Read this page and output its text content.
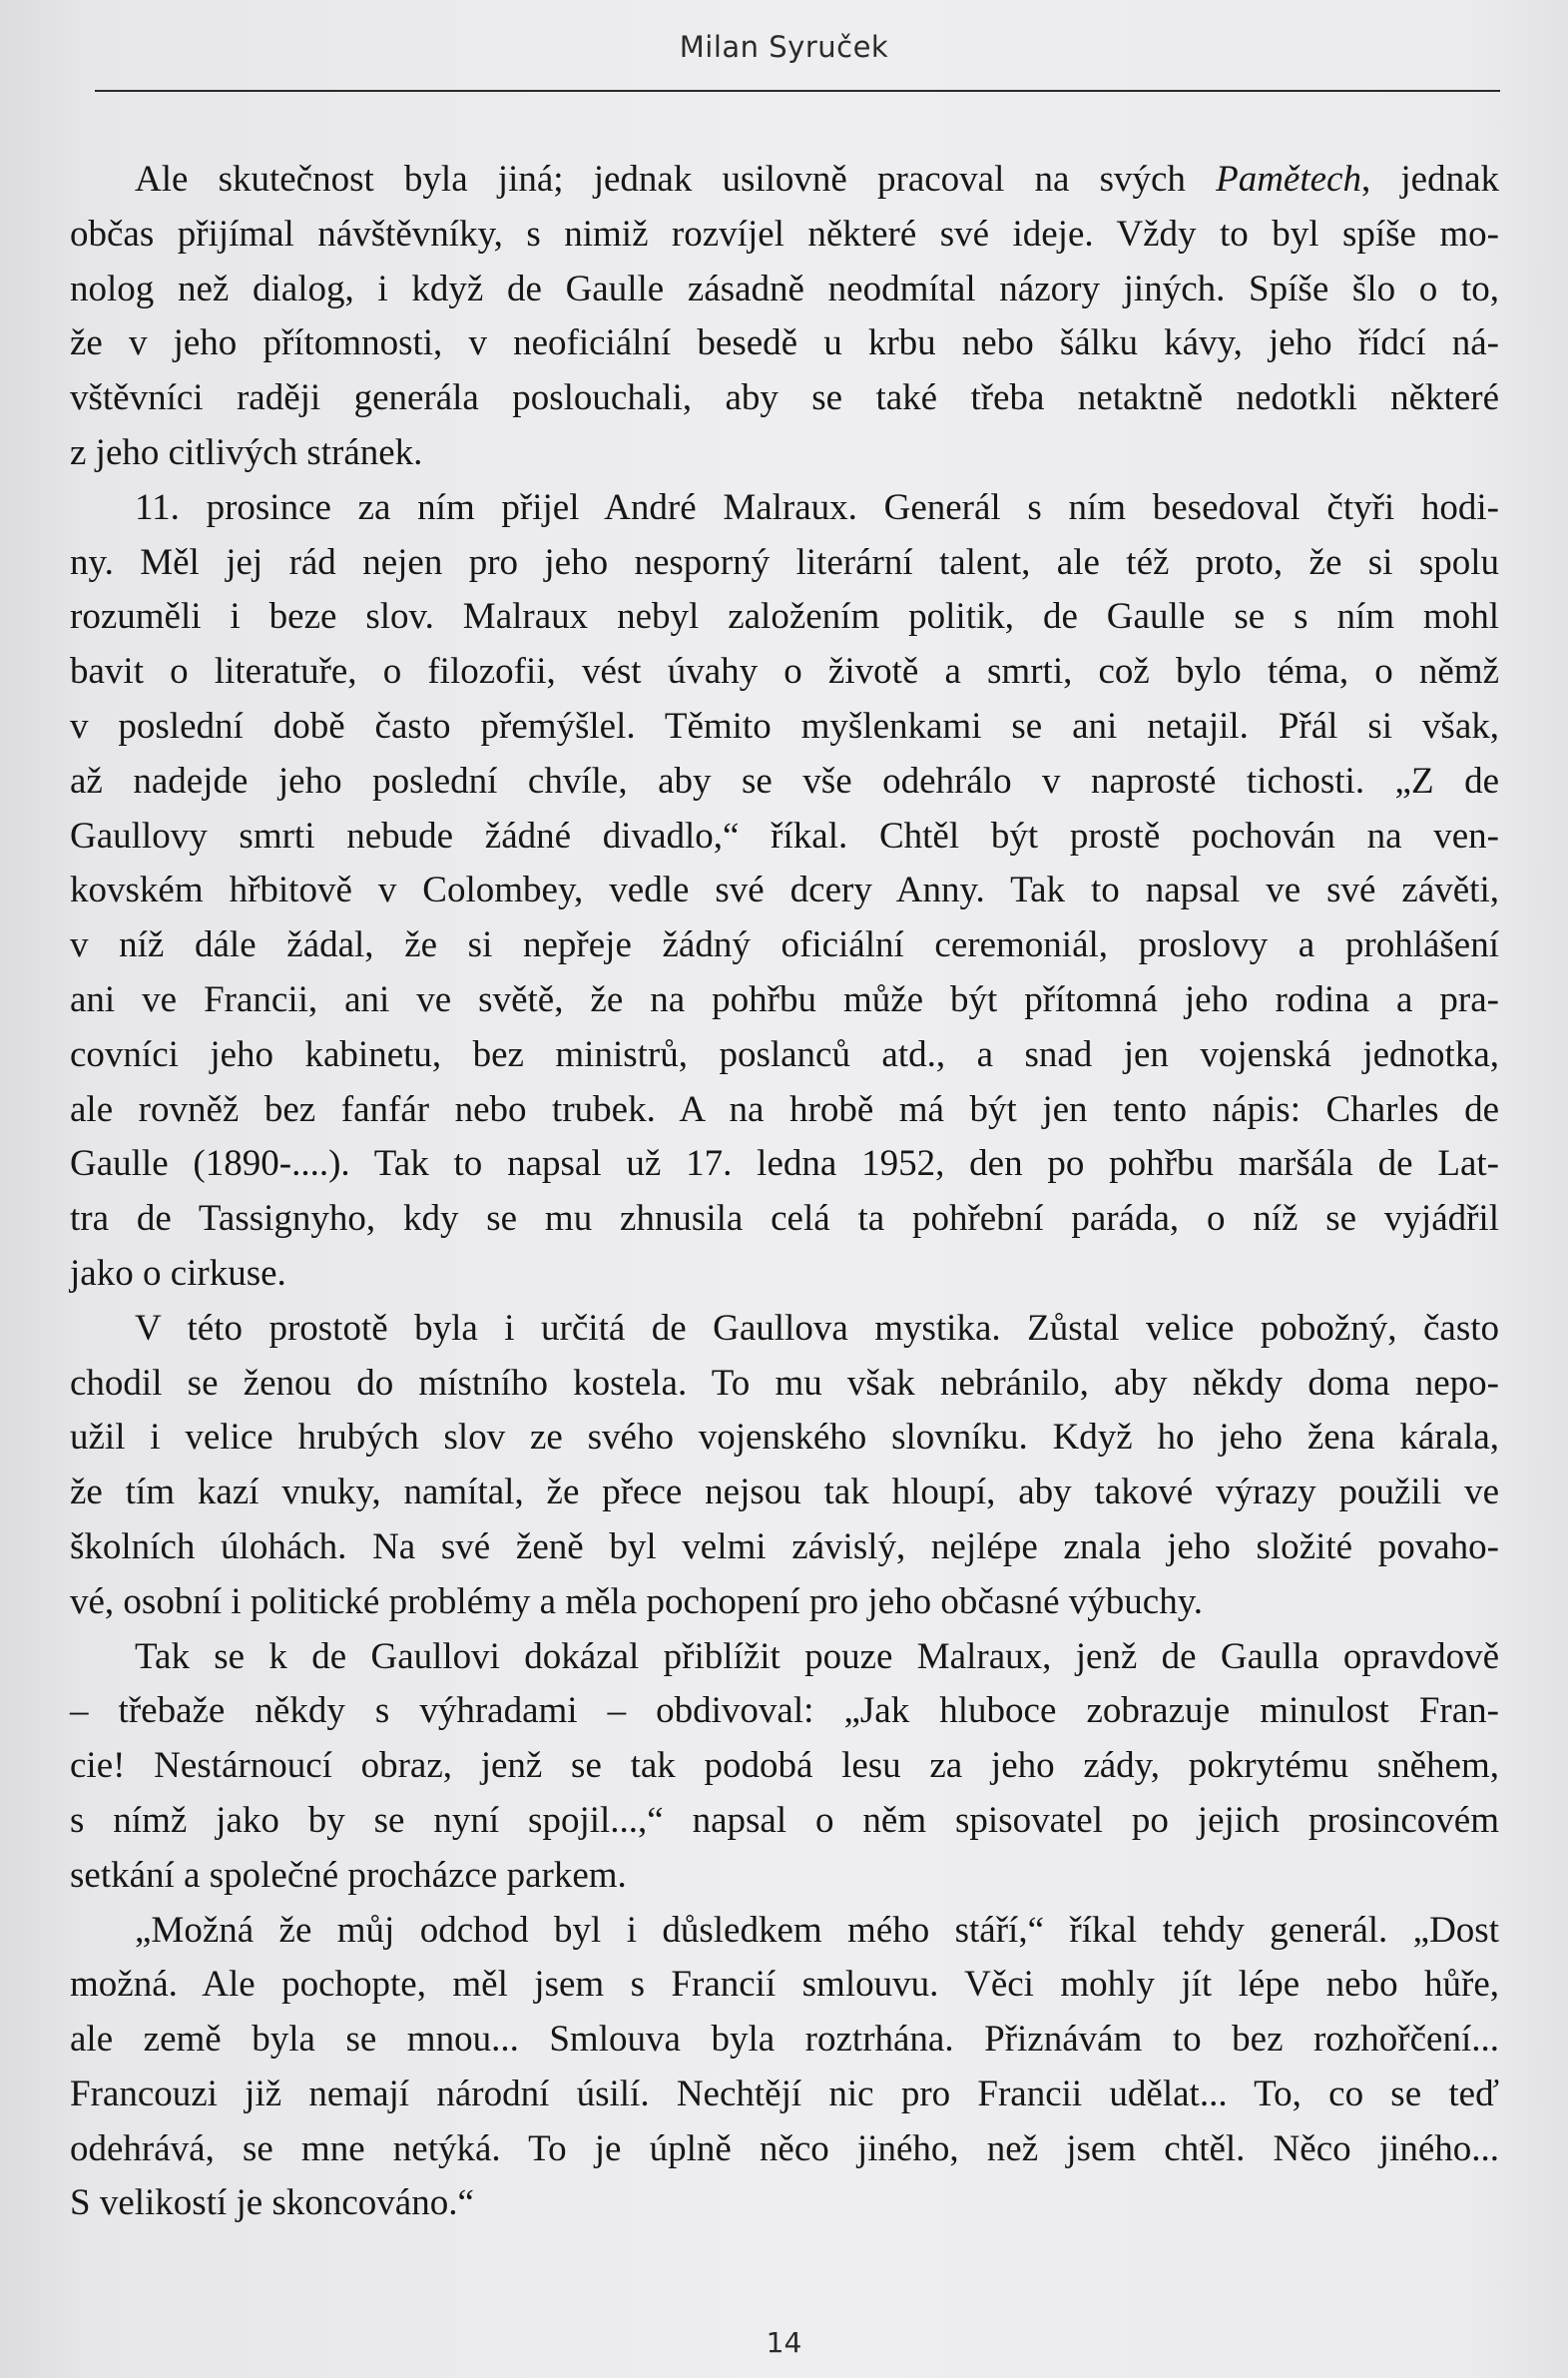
Milan Syruček
Ale skutečnost byla jiná; jednak usilovně pracoval na svých Pamětech, jednak
občas přijímal návštěvníky, s nimiž rozvíjel některé své ideje. Vždy to byl spíše mo-
nolog než dialog, i když de Gaulle zásadně neodmítal názory jiných. Spíše šlo o to,
že v jeho přítomnosti, v neoficiální besedě u krbu nebo šálku kávy, jeho řídcí ná-
vštěvníci raději generála poslouchali, aby se také třeba netaktně nedotkli některé
z jeho citlivých stránek.
11. prosince za ním přijel André Malraux. Generál s ním besedoval čtyři hodi-
ny. Měl jej rád nejen pro jeho nesporný literární talent, ale též proto, že si spolu
rozuměli i beze slov. Malraux nebyl založením politik, de Gaulle se s ním mohl
bavit o literatuře, o filozofii, vést úvahy o životě a smrti, což bylo téma, o němž
v poslední době často přemýšlel. Těmito myšlenkami se ani netajil. Přál si však,
až nadejde jeho poslední chvíle, aby se vše odehrálo v naprosté tichosti. „Z de
Gaullovy smrti nebude žádné divadlo,“ říkal. Chtěl být prostě pochován na ven-
kovském hřbitově v Colombey, vedle své dcery Anny. Tak to napsal ve své závěti,
v níž dále žádal, že si nepřeje žádný oficiální ceremoniál, proslovy a prohlášení
ani ve Francii, ani ve světě, že na pohřbu může být přítomná jeho rodina a pra-
covníci jeho kabinetu, bez ministrů, poslanců atd., a snad jen vojenská jednotka,
ale rovněž bez fanfár nebo trubek. A na hrobě má být jen tento nápis: Charles de
Gaulle (1890-....). Tak to napsal už 17. ledna 1952, den po pohřbu maršála de Lat-
tra de Tassignyho, kdy se mu zhnusila celá ta pohřební paráda, o níž se vyjádřil
jako o cirkuse.
V této prostotě byla i určitá de Gaullova mystika. Zůstal velice pobožný, často
chodil se ženou do místního kostela. To mu však nebránilo, aby někdy doma nepo-
užil i velice hrubých slov ze svého vojenského slovníku. Když ho jeho žena kárala,
že tím kazí vnuky, namítal, že přece nejsou tak hloupí, aby takové výrazy použili ve
školních úlohách. Na své ženě byl velmi závislý, nejlépe znala jeho složité povaho-
vé, osobní i politické problémy a měla pochopení pro jeho občasné výbuchy.
Tak se k de Gaullovi dokázal přiblížit pouze Malraux, jenž de Gaulla opravdově
– třebaže někdy s výhradami – obdivoval: „Jak hluboce zobrazuje minulost Fran-
cie! Nestárnoucí obraz, jenž se tak podobá lesu za jeho zády, pokrytému sněhem,
s nímž jako by se nyní spojil...,“ napsal o něm spisovatel po jejich prosincovém
setkání a společné procházce parkem.
„Možná že můj odchod byl i důsledkem mého stáří,“ říkal tehdy generál. „Dost
možná. Ale pochopte, měl jsem s Francií smlouvu. Věci mohly jít lépe nebo hůře,
ale země byla se mnou... Smlouva byla roztrhána. Přiznávám to bez rozhořčení...
Francouzi již nemají národní úsilí. Nechtějí nic pro Francii udělat... To, co se teď
odehrává, se mne netýká. To je úplně něco jiného, než jsem chtěl. Něco jiného...
S velikostí je skoncováno.“
14
